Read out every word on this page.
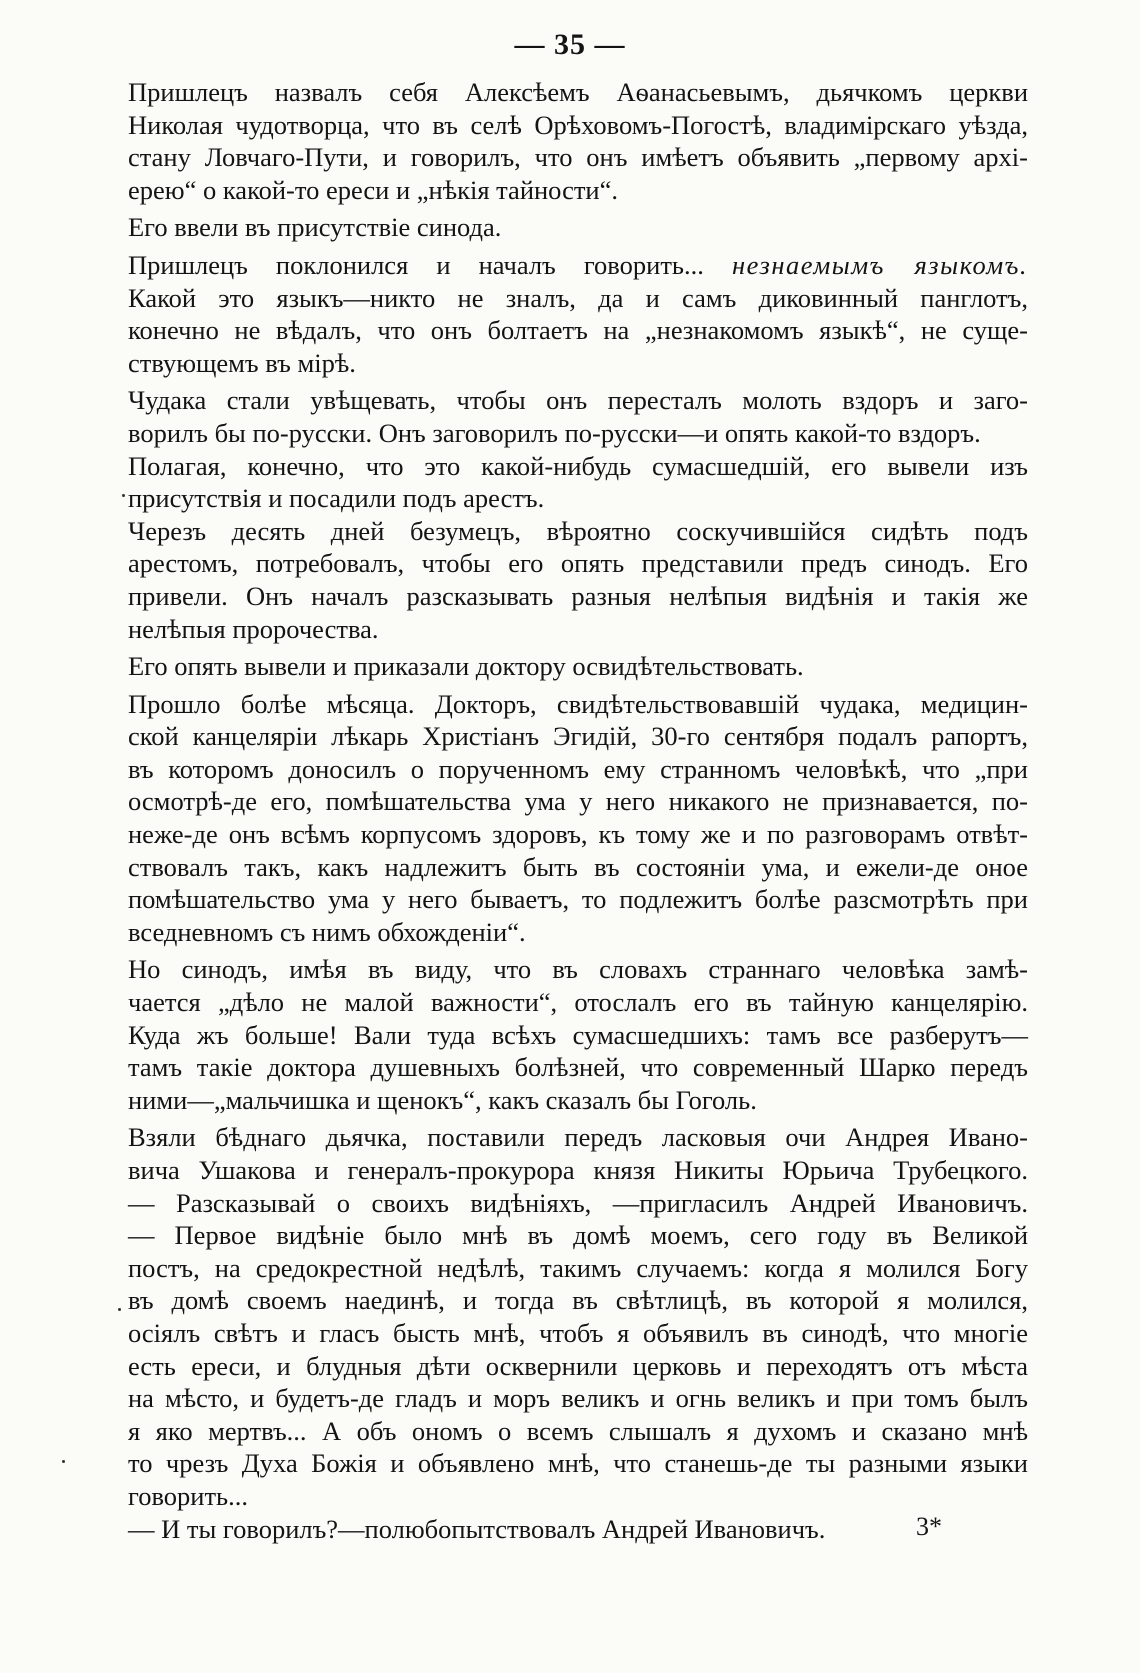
— 35 —
Пришлецъ назвалъ себя Алексѣемъ Аѳанасьевымъ, дьячкомъ церкви
Николая чудотворца, что въ селѣ Орѣховомъ-Погостѣ, владимірскаго уѣзда,
стану Ловчаго-Пути, и говорилъ, что онъ имѣетъ объявить „первому архі-
ерею“ о какой-то ереси и „нѣкія тайности“.
Его ввели въ присутствіе синода.
Пришлецъ поклонился и началъ говорить... незнаемымъ языкомъ.
Какой это языкъ—никто не зналъ, да и самъ диковинный панглотъ,
конечно не вѣдалъ, что онъ болтаетъ на „незнакомомъ языкѣ“, не суще-
ствующемъ въ мірѣ.
Чудака стали увѣщевать, чтобы онъ пересталъ молоть вздоръ и заго-
ворилъ бы по-русски. Онъ заговорилъ по-русски—и опять какой-то вздоръ.
Полагая, конечно, что это какой-нибудь сумасшедшій, его вывели изъ
присутствія и посадили подъ арестъ.
Черезъ десять дней безумецъ, вѣроятно соскучившійся сидѣть подъ
арестомъ, потребовалъ, чтобы его опять представили предъ синодъ. Его
привели. Онъ началъ разсказывать разныя нелѣпыя видѣнія и такія же
нелѣпыя пророчества.
Его опять вывели и приказали доктору освидѣтельствовать.
Прошло болѣе мѣсяца. Докторъ, свидѣтельствовавшій чудака, медицин-
ской канцеляріи лѣкарь Христіанъ Эгидій, 30-го сентября подалъ рапортъ,
въ которомъ доносилъ о порученномъ ему странномъ человѣкѣ, что „при
осмотрѣ-де его, помѣшательства ума у него никакого не признавается, по-
неже-де онъ всѣмъ корпусомъ здоровъ, къ тому же и по разговорамъ отвѣт-
ствовалъ такъ, какъ надлежитъ быть въ состояніи ума, и ежели-де оное
помѣшательство ума у него бываетъ, то подлежитъ болѣе разсмотрѣть при
вседневномъ съ нимъ обхожденіи“.
Но синодъ, имѣя въ виду, что въ словахъ страннаго человѣка замѣ-
чается „дѣло не малой важности“, отослалъ его въ тайную канцелярію.
Куда жъ больше! Вали туда всѣхъ сумасшедшихъ: тамъ все разберутъ—
тамъ такіе доктора душевныхъ болѣзней, что современный Шарко передъ
ними—„мальчишка и щенокъ“, какъ сказалъ бы Гоголь.
Взяли бѣднаго дьячка, поставили передъ ласковыя очи Андрея Ивано-
вича Ушакова и генералъ-прокурора князя Никиты Юрьича Трубецкого.
— Разсказывай о своихъ видѣніяхъ, —пригласилъ Андрей Ивановичъ.
— Первое видѣніе было мнѣ въ домѣ моемъ, сего году въ Великой
постъ, на средокрестной недѣлѣ, такимъ случаемъ: когда я молился Богу
въ домѣ своемъ наединѣ, и тогда въ свѣтлицѣ, въ которой я молился,
осіялъ свѣтъ и гласъ бысть мнѣ, чтобъ я объявилъ въ синодѣ, что многіе
есть ереси, и блудныя дѣти осквернили церковь и переходятъ отъ мѣста
на мѣсто, и будетъ-де гладъ и моръ великъ и огнь великъ и при томъ былъ
я яко мертвъ... А объ ономъ о всемъ слышалъ я духомъ и сказано мнѣ
то чрезъ Духа Божія и объявлено мнѣ, что станешь-де ты разными языки
говорить...
— И ты говорилъ?—полюбопытствовалъ Андрей Ивановичъ.	3*
